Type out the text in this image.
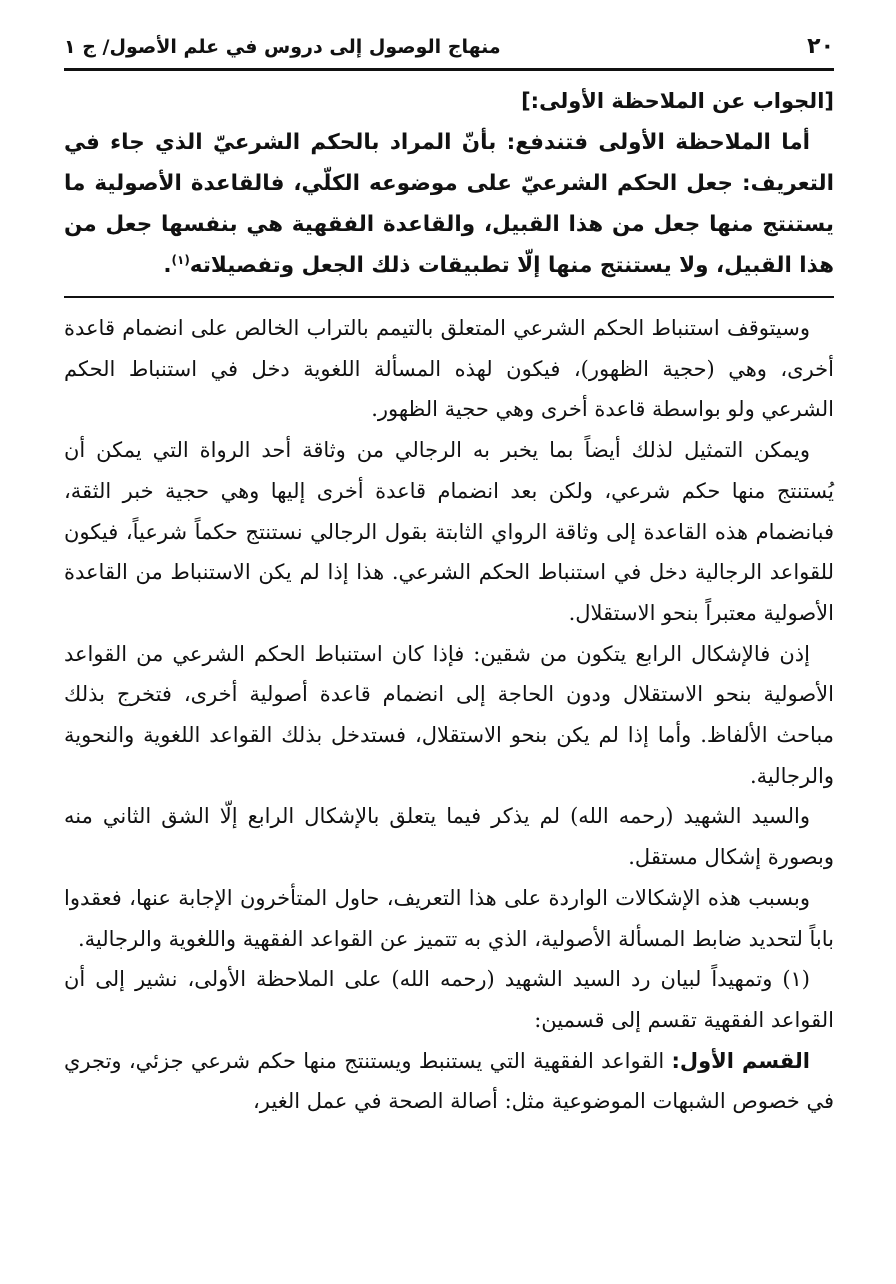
٢٠
منهاج الوصول إلى دروس في علم الأصول/ ج ١

[الجواب عن الملاحظة الأولى:]

أما الملاحظة الأولى فتندفع: بأنّ المراد بالحكم الشرعيّ الذي جاء في التعريف: جعل الحكم الشرعيّ على موضوعه الكلّي، فالقاعدة الأصولية ما يستنتج منها جعل من هذا القبيل، والقاعدة الفقهية هي بنفسها جعل من هذا القبيل، ولا يستنتج منها إلّا تطبيقات ذلك الجعل وتفصيلاته$^{(١)}$.

وسيتوقف استنباط الحكم الشرعي المتعلق بالتيمم بالتراب الخالص على انضمام قاعدة أخرى، وهي (حجية الظهور)، فيكون لهذه المسألة اللغوية دخل في استنباط الحكم الشرعي ولو بواسطة قاعدة أخرى وهي حجية الظهور.

ويمكن التمثيل لذلك أيضاً بما يخبر به الرجالي من وثاقة أحد الرواة التي يمكن أن يُستنتج منها حكم شرعي، ولكن بعد انضمام قاعدة أخرى إليها وهي حجية خبر الثقة، فبانضمام هذه القاعدة إلى وثاقة الرواي الثابتة بقول الرجالي نستنتج حكماً شرعياً، فيكون للقواعد الرجالية دخل في استنباط الحكم الشرعي. هذا إذا لم يكن الاستنباط من القاعدة الأصولية معتبراً بنحو الاستقلال.

إذن فالإشكال الرابع يتكون من شقين: فإذا كان استنباط الحكم الشرعي من القواعد الأصولية بنحو الاستقلال ودون الحاجة إلى انضمام قاعدة أصولية أخرى، فتخرج بذلك مباحث الألفاظ. وأما إذا لم يكن بنحو الاستقلال، فستدخل بذلك القواعد اللغوية والنحوية والرجالية.

والسيد الشهيد (رحمه الله) لم يذكر فيما يتعلق بالإشكال الرابع إلّا الشق الثاني منه وبصورة إشكال مستقل.

وبسبب هذه الإشكالات الواردة على هذا التعريف، حاول المتأخرون الإجابة عنها، فعقدوا باباً لتحديد ضابط المسألة الأصولية، الذي به تتميز عن القواعد الفقهية واللغوية والرجالية.

(١) وتمهيداً لبيان رد السيد الشهيد (رحمه الله) على الملاحظة الأولى، نشير إلى أن القواعد الفقهية تقسم إلى قسمين:

القسم الأول: القواعد الفقهية التي يستنبط ويستنتج منها حكم شرعي جزئي، وتجري في خصوص الشبهات الموضوعية مثل: أصالة الصحة في عمل الغير،
